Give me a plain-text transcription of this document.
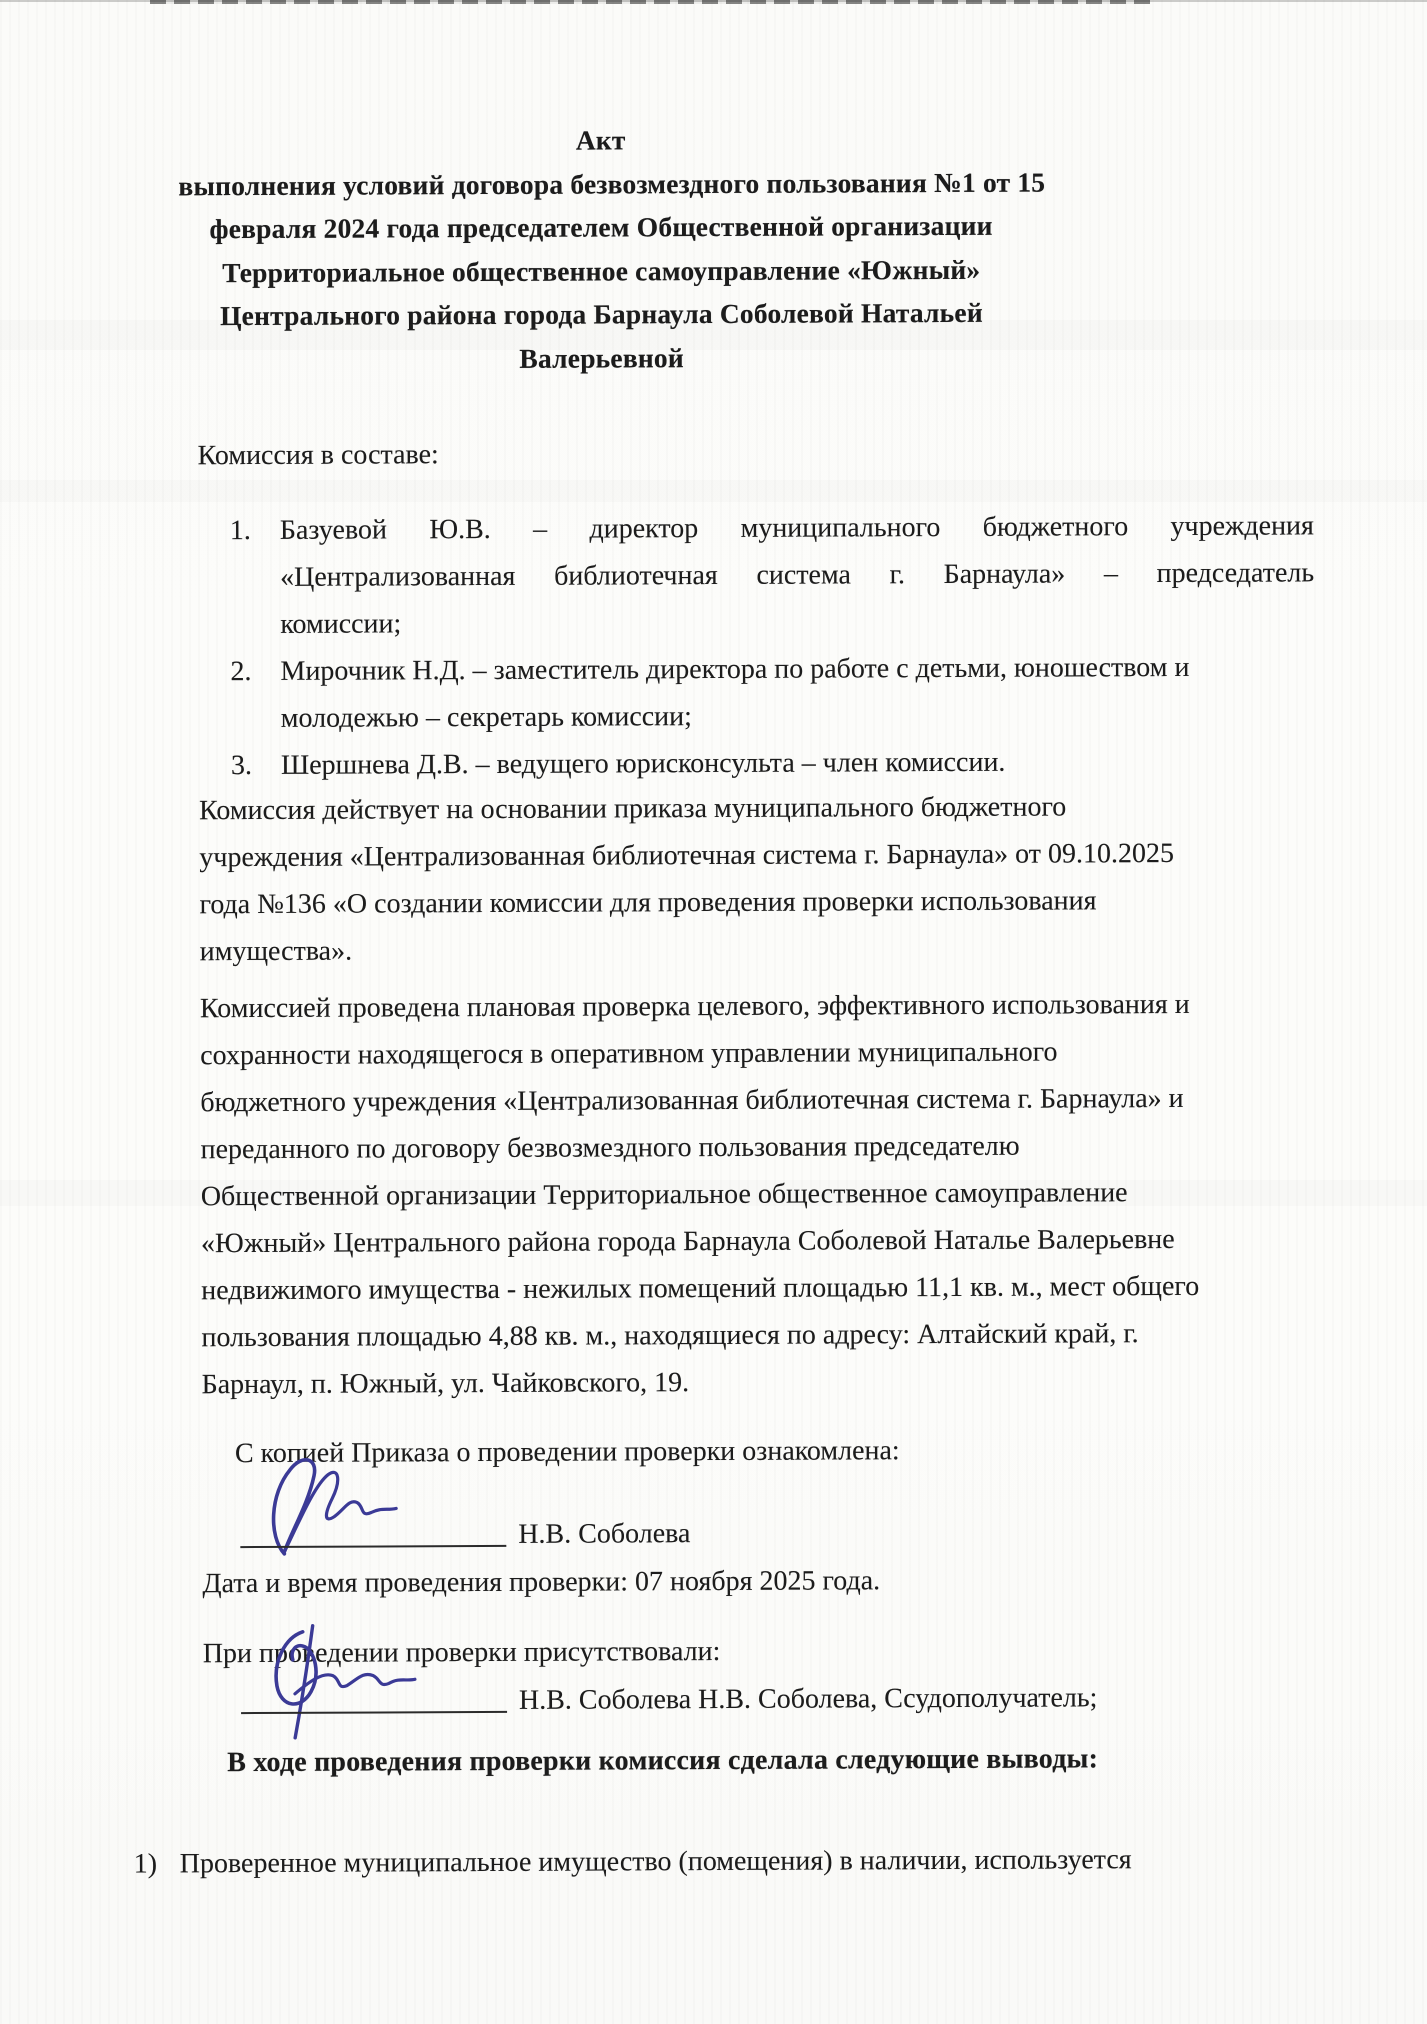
Акт
выполнения условий договора безвозмездного пользования №1 от 15
февраля 2024 года председателем Общественной организации
Территориальное общественное самоуправление «Южный»
Центрального района города Барнаула Соболевой Натальей
Валерьевной
Комиссия в составе:
1.	Базуевой Ю.В. – директор муниципального бюджетного учреждения
«Централизованная библиотечная система г. Барнаула» – председатель
комиссии;
2.	Мирочник Н.Д. – заместитель директора по работе с детьми, юношеством и
молодежью – секретарь комиссии;
3.	Шершнева Д.В. – ведущего юрисконсульта – член комиссии.
Комиссия действует на основании приказа муниципального бюджетного
учреждения «Централизованная библиотечная система г. Барнаула» от 09.10.2025
года №136 «О создании комиссии для проведения проверки использования
имущества».
Комиссией проведена плановая проверка целевого, эффективного использования и
сохранности находящегося в оперативном управлении муниципального
бюджетного учреждения «Централизованная библиотечная система г. Барнаула» и
переданного по договору безвозмездного пользования председателю
Общественной организации Территориальное общественное самоуправление
«Южный» Центрального района города Барнаула Соболевой Наталье Валерьевне
недвижимого имущества - нежилых помещений площадью 11,1 кв. м., мест общего
пользования площадью 4,88 кв. м., находящиеся по адресу: Алтайский край, г.
Барнаул, п. Южный, ул. Чайковского, 19.
С копией Приказа о проведении проверки ознакомлена:
Н.В. Соболева
Дата и время проведения проверки: 07 ноября 2025 года.
При проведении проверки присутствовали:
Н.В. Соболева Н.В. Соболева, Ссудополучатель;
В ходе проведения проверки комиссия сделала следующие выводы:
1) Проверенное муниципальное имущество (помещения) в наличии, используется
